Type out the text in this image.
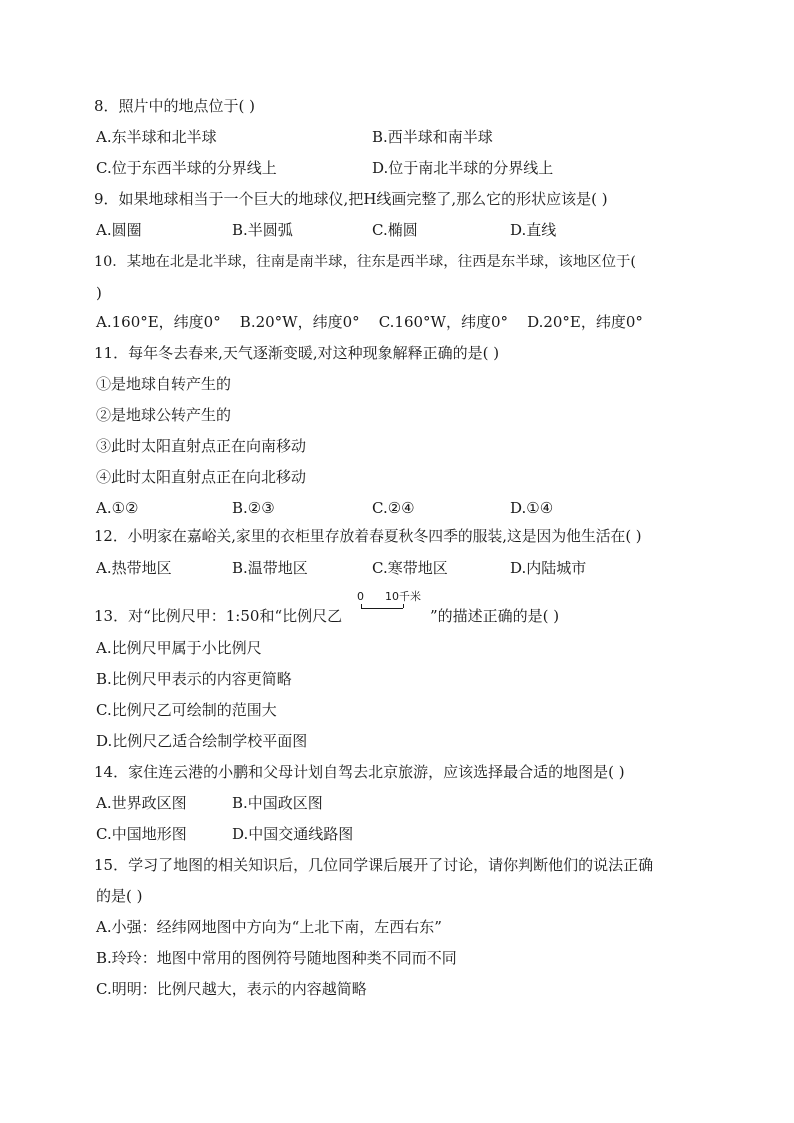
8．照片中的地点位于( )
A.东半球和北半球	B.西半球和南半球
C.位于东西半球的分界线上	D.位于南北半球的分界线上
9．如果地球相当于一个巨大的地球仪,把H线画完整了,那么它的形状应该是( )
A.圆圈	B.半圆弧	C.椭圆	D.直线
10．某地在北是北半球，往南是南半球，往东是西半球，往西是东半球，该地区位于(
)
A.160°E，纬度0°    B.20°W，纬度0°    C.160°W，纬度0°    D.20°E，纬度0°
11．每年冬去春来,天气逐渐变暖,对这种现象解释正确的是( )
①是地球自转产生的
②是地球公转产生的
③此时太阳直射点正在向南移动
④此时太阳直射点正在向北移动
A.①②	B.②③	C.②④	D.①④
12．小明家在嘉峪关,家里的衣柜里存放着春夏秋冬四季的服装,这是因为他生活在( )
A.热带地区	B.温带地区	C.寒带地区	D.内陆城市
13．对“比例尺甲：1:50和“比例尺乙
0 10千米
”的描述正确的是( )
A.比例尺甲属于小比例尺
B.比例尺甲表示的内容更简略
C.比例尺乙可绘制的范围大
D.比例尺乙适合绘制学校平面图
14．家住连云港的小鹏和父母计划自驾去北京旅游，应该选择最合适的地图是( )
A.世界政区图	B.中国政区图
C.中国地形图	D.中国交通线路图
15．学习了地图的相关知识后，几位同学课后展开了讨论，请你判断他们的说法正确
的是( )
A.小强：经纬网地图中方向为“上北下南，左西右东”
B.玲玲：地图中常用的图例符号随地图种类不同而不同
C.明明：比例尺越大，表示的内容越简略
